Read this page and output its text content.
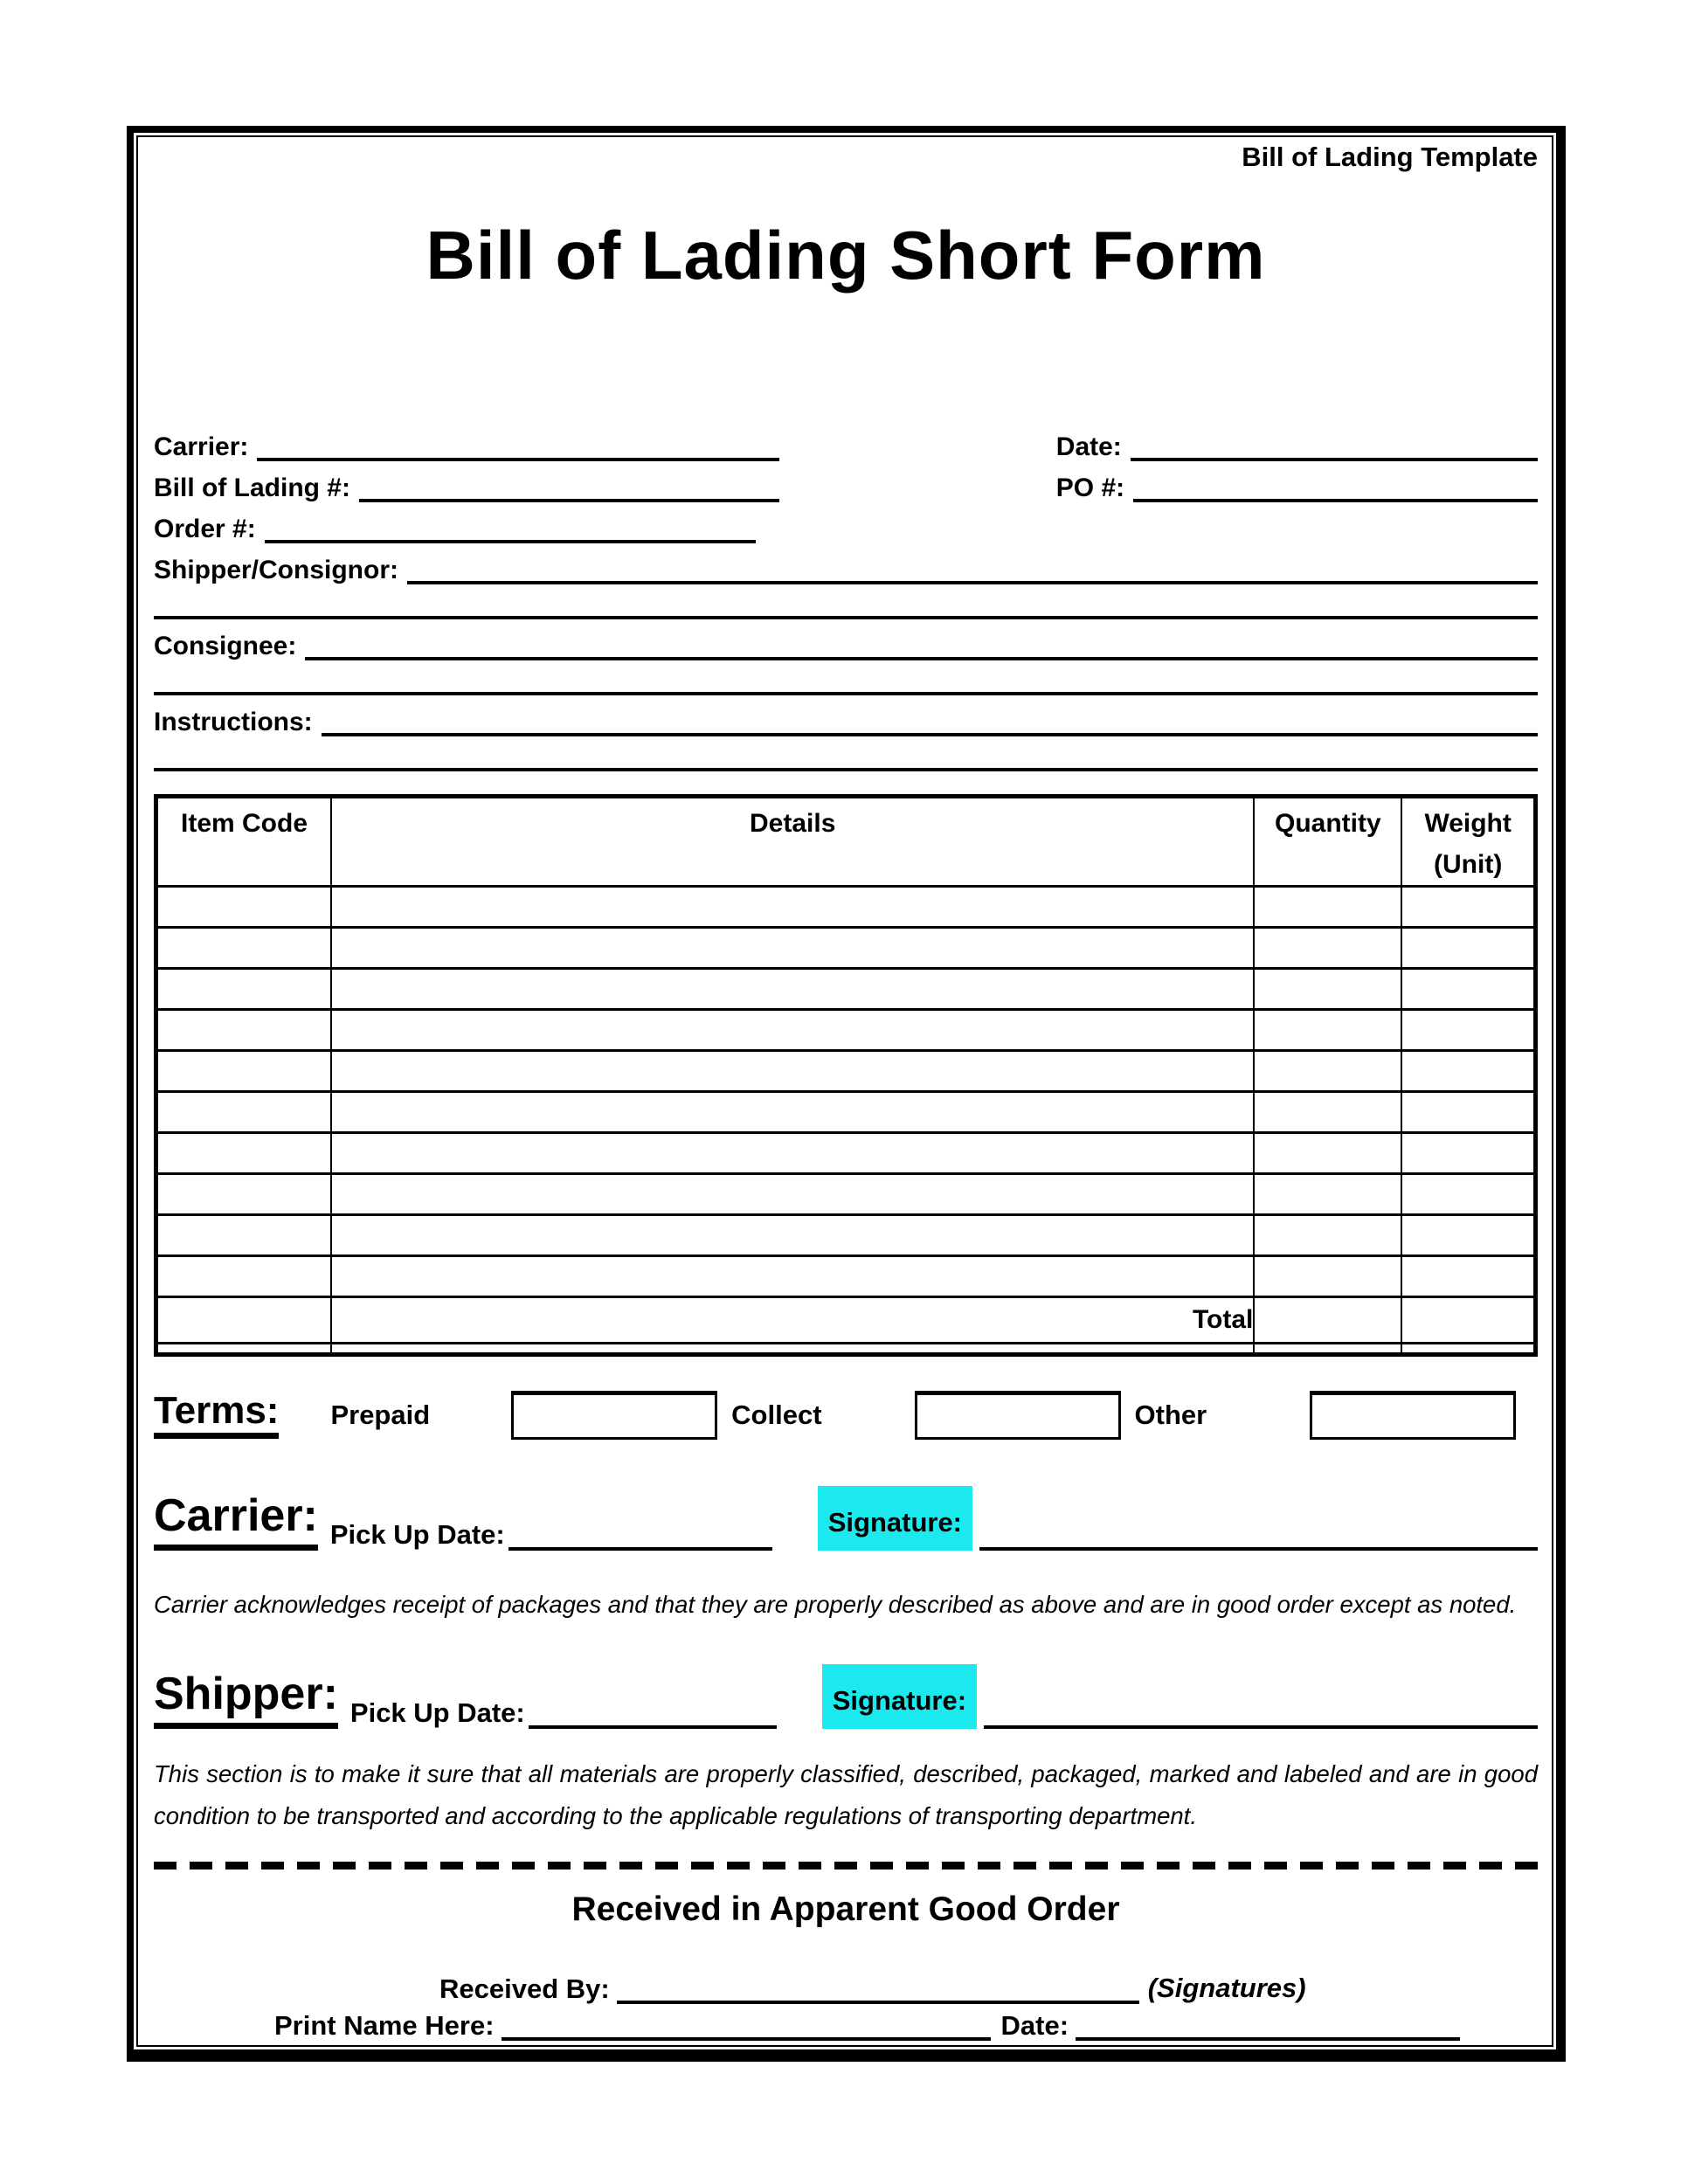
Bill of Lading Template
Bill of Lading Short Form
Carrier:	Date:
Bill of Lading #:	PO #:
Order #:
Shipper/Consignor:
Consignee:
Instructions:
Item Code	Details	Quantity	Weight (Unit)

	Total		

Terms: Prepaid	Collect	Other
Carrier: Pick Up Date:	Signature:

Carrier acknowledges receipt of packages and that they are properly described as above and are in good order except as noted.

Shipper: Pick Up Date:	Signature:

This section is to make it sure that all materials are properly classified, described, packaged, marked and labeled and are in good condition to be transported and according to the applicable regulations of transporting department.

Received in Apparent Good Order
Received By:	(Signatures)
Print Name Here:	Date:
